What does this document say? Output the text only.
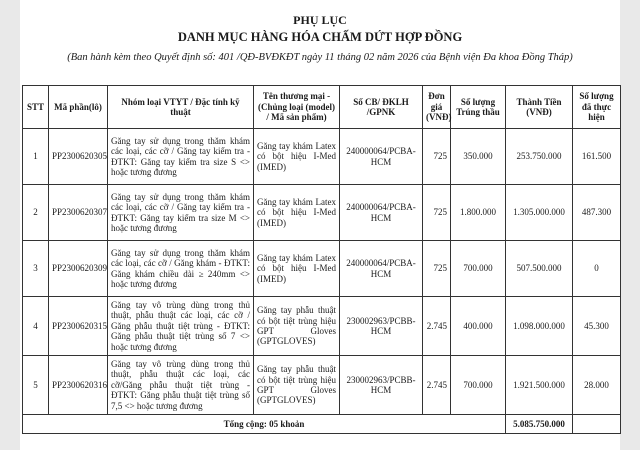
PHỤ LỤC
DANH MỤC HÀNG HÓA CHẤM DỨT HỢP ĐỒNG
(Ban hành kèm theo Quyết định số: 401 /QĐ-BVĐKĐT ngày 11 tháng 02 năm 2026 của Bệnh viện Đa khoa Đồng Tháp)
STT	Mã phần(lô)	Nhóm loại VTYT / Đặc tính kỹ thuật	Tên thương mại - (Chủng loại (model) / Mã sản phẩm)	Số CB/ ĐKLH /GPNK	Đơn giá (VNĐ)	Số lượng Trúng thầu	Thành Tiền (VNĐ)	Số lượng đã thực hiện
1	PP2300620305	Găng tay sử dụng trong thăm khám các loại, các cỡ / Găng tay kiểm tra - ĐTKT: Găng tay kiểm tra size S <> hoặc tương đương	Găng tay khám Latex có bột hiệu I-Med (IMED)	240000064/PCBA-HCM	725	350.000	253.750.000	161.500
2	PP2300620307	Găng tay sử dụng trong thăm khám các loại, các cỡ / Găng tay kiểm tra - ĐTKT: Găng tay kiểm tra size M <> hoặc tương đương	Găng tay khám Latex có bột hiệu I-Med (IMED)	240000064/PCBA-HCM	725	1.800.000	1.305.000.000	487.300
3	PP2300620309	Găng tay sử dụng trong thăm khám các loại, các cỡ / Găng khám - ĐTKT: Găng khám chiều dài ≥ 240mm <> hoặc tương đương	Găng tay khám Latex có bột hiệu I-Med (IMED)	240000064/PCBA-HCM	725	700.000	507.500.000	0
4	PP2300620315	Găng tay vô trùng dùng trong thủ thuật, phẫu thuật các loại, các cỡ / Găng phẫu thuật tiệt trùng - ĐTKT: Găng phẫu thuật tiệt trùng số 7 <> hoặc tương đương	Găng tay phẫu thuật có bột tiệt trùng hiệu GPT Gloves (GPTGLOVES)	230002963/PCBB-HCM	2.745	400.000	1.098.000.000	45.300
5	PP2300620316	Găng tay vô trùng dùng trong thủ thuật, phẫu thuật các loại, các cỡ/Găng phẫu thuật tiệt trùng - ĐTKT: Găng phẫu thuật tiệt trùng số 7,5 <> hoặc tương đương	Găng tay phẫu thuật có bột tiệt trùng hiệu GPT Gloves (GPTGLOVES)	230002963/PCBB-HCM	2.745	700.000	1.921.500.000	28.000
Tổng cộng: 05 khoản							5.085.750.000	
